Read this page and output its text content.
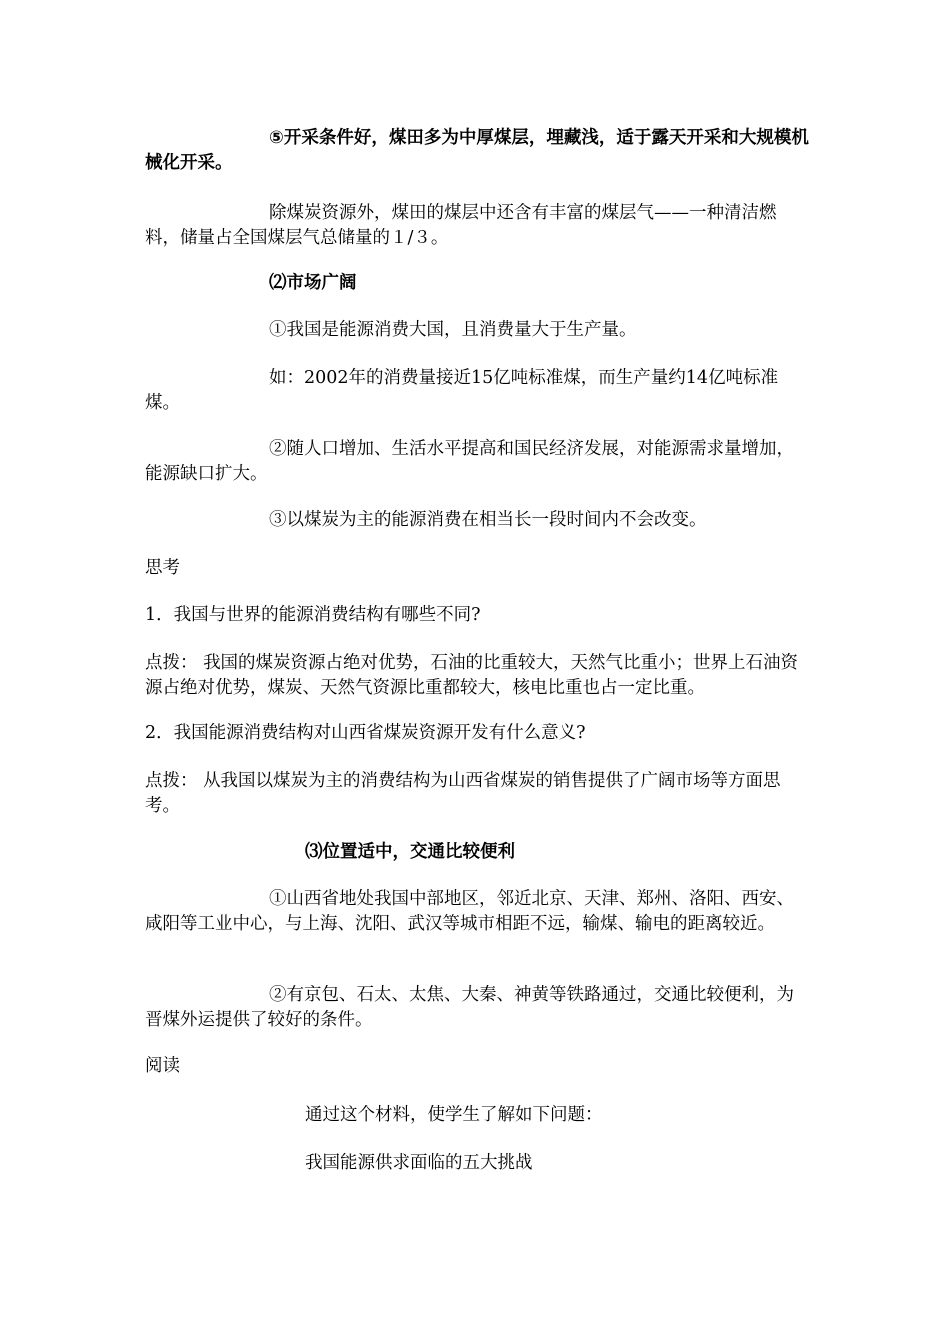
⑤开采条件好，煤田多为中厚煤层，埋藏浅，适于露天开采和大规模机械化开采。

除煤炭资源外，煤田的煤层中还含有丰富的煤层气——一种清洁燃料，储量占全国煤层气总储量的１/３。

⑵市场广阔

①我国是能源消费大国，且消费量大于生产量。

如：2002年的消费量接近15亿吨标准煤，而生产量约14亿吨标准煤。

②随人口增加、生活水平提高和国民经济发展，对能源需求量增加，能源缺口扩大。

③以煤炭为主的能源消费在相当长一段时间内不会改变。

思考

1．我国与世界的能源消费结构有哪些不同?

点拨： 我国的煤炭资源占绝对优势，石油的比重较大，天然气比重小；世界上石油资源占绝对优势，煤炭、天然气资源比重都较大，核电比重也占一定比重。

2．我国能源消费结构对山西省煤炭资源开发有什么意义?

点拨： 从我国以煤炭为主的消费结构为山西省煤炭的销售提供了广阔市场等方面思考。

⑶位置适中，交通比较便利

①山西省地处我国中部地区，邻近北京、天津、郑州、洛阳、西安、咸阳等工业中心，与上海、沈阳、武汉等城市相距不远，输煤、输电的距离较近。

②有京包、石太、太焦、大秦、神黄等铁路通过，交通比较便利，为晋煤外运提供了较好的条件。

阅读

通过这个材料，使学生了解如下问题：

我国能源供求面临的五大挑战
